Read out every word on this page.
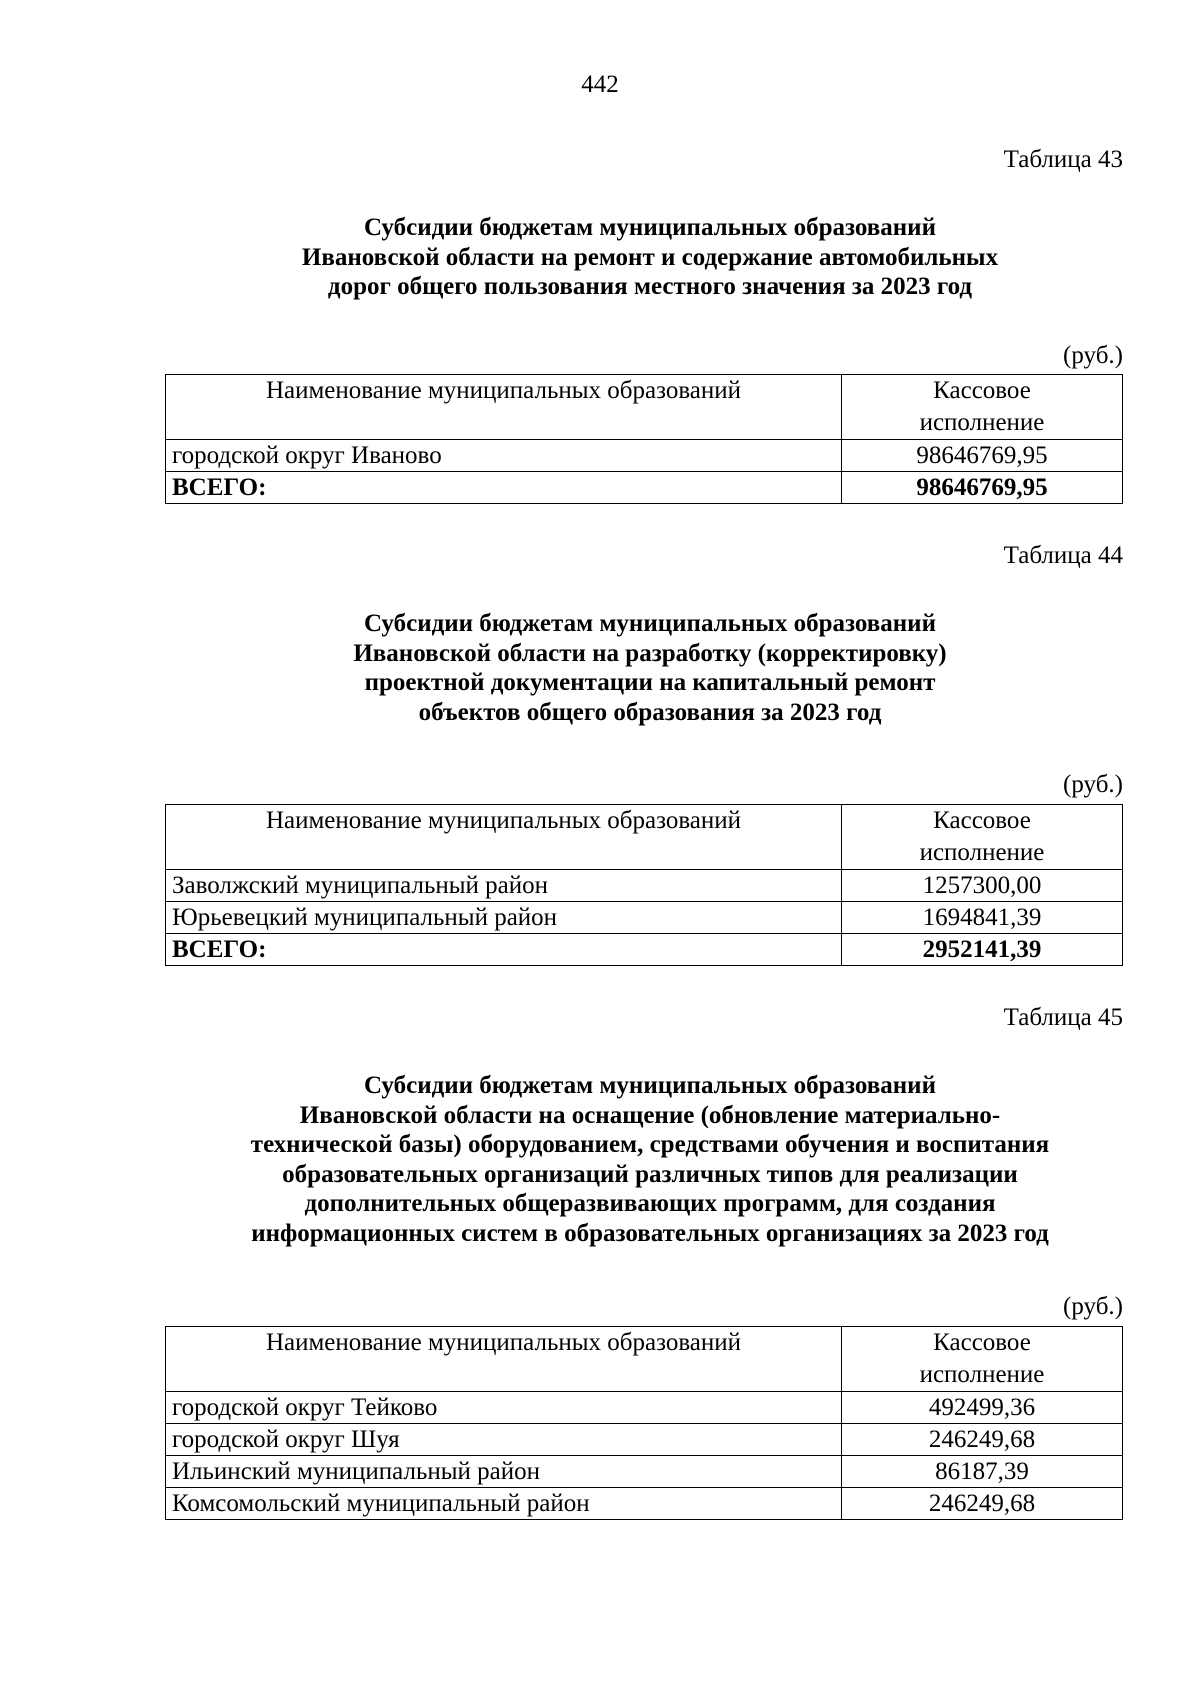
442
Таблица 43
Субсидии бюджетам муниципальных образований
Ивановской области на ремонт и содержание автомобильных
дорог общего пользования местного значения за 2023 год
(руб.)
Наименование муниципальных образований	Кассовое
исполнение

городской округ Иваново	98646769,95
ВСЕГО:	98646769,95
Таблица 44
Субсидии бюджетам муниципальных образований
Ивановской области на разработку (корректировку)
проектной документации на капитальный ремонт
объектов общего образования за 2023 год
(руб.)
Наименование муниципальных образований	Кассовое
исполнение

Заволжский муниципальный район	1257300,00
Юрьевецкий муниципальный район	1694841,39
ВСЕГО:	2952141,39
Таблица 45
Субсидии бюджетам муниципальных образований
Ивановской области на оснащение (обновление материально-
технической базы) оборудованием, средствами обучения и воспитания
образовательных организаций различных типов для реализации
дополнительных общеразвивающих программ, для создания
информационных систем в образовательных организациях за 2023 год
(руб.)
Наименование муниципальных образований	Кассовое
исполнение

городской округ Тейково	492499,36
городской округ Шуя	246249,68
Ильинский муниципальный район	86187,39
Комсомольский муниципальный район	246249,68
